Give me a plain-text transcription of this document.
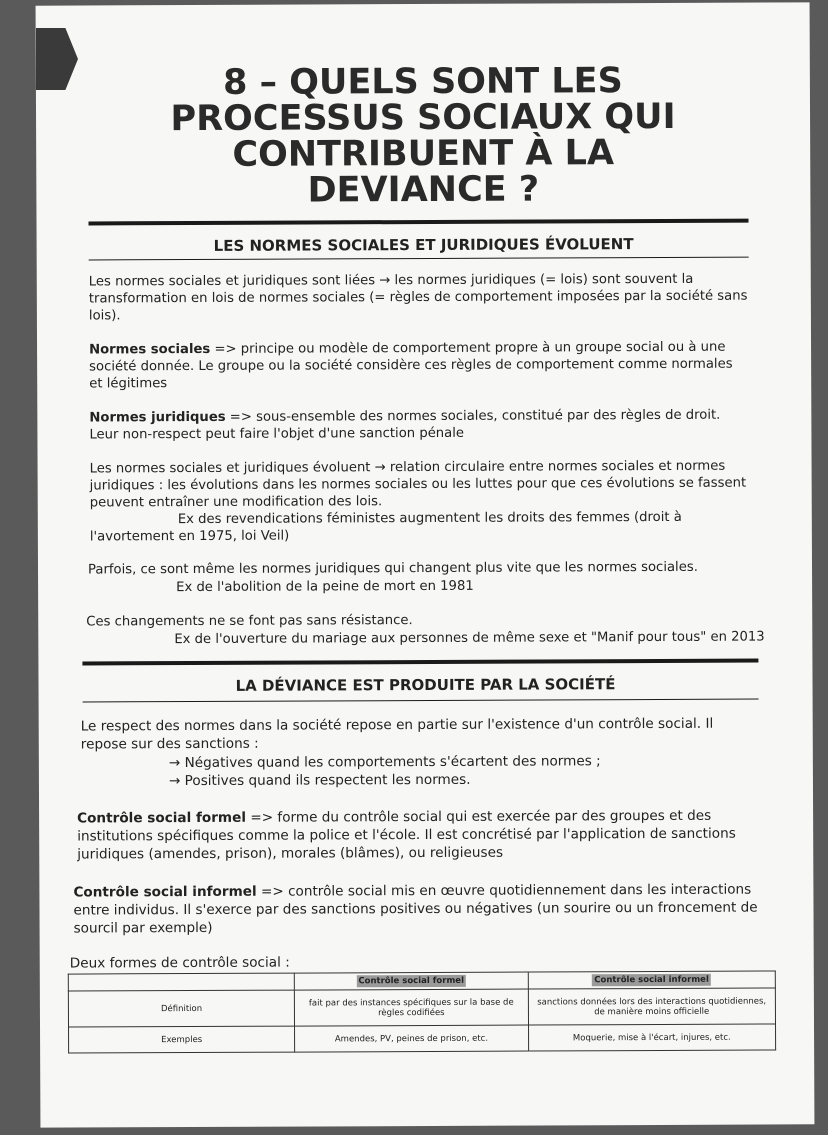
8 – QUELS SONT LES
PROCESSUS SOCIAUX QUI
CONTRIBUENT À LA
DEVIANCE ?
LES NORMES SOCIALES ET JURIDIQUES ÉVOLUENT
Les normes sociales et juridiques sont liées → les normes juridiques (= lois) sont souvent la transformation en lois de normes sociales (= règles de comportement imposées par la société sans lois).
Normes sociales => principe ou modèle de comportement propre à un groupe social ou à une société donnée. Le groupe ou la société considère ces règles de comportement comme normales et légitimes
Normes juridiques => sous-ensemble des normes sociales, constitué par des règles de droit. Leur non-respect peut faire l'objet d'une sanction pénale
Les normes sociales et juridiques évoluent → relation circulaire entre normes sociales et normes juridiques : les évolutions dans les normes sociales ou les luttes pour que ces évolutions se fassent peuvent entraîner une modification des lois.
Ex des revendications féministes augmentent les droits des femmes (droit à l'avortement en 1975, loi Veil)
Parfois, ce sont même les normes juridiques qui changent plus vite que les normes sociales.
Ex de l'abolition de la peine de mort en 1981
Ces changements ne se font pas sans résistance.
Ex de l'ouverture du mariage aux personnes de même sexe et "Manif pour tous" en 2013
LA DÉVIANCE EST PRODUITE PAR LA SOCIÉTÉ
Le respect des normes dans la société repose en partie sur l'existence d'un contrôle social. Il repose sur des sanctions :
→ Négatives quand les comportements s'écartent des normes ;
→ Positives quand ils respectent les normes.
Contrôle social formel => forme du contrôle social qui est exercée par des groupes et des institutions spécifiques comme la police et l'école. Il est concrétisé par l'application de sanctions juridiques (amendes, prison), morales (blâmes), ou religieuses
Contrôle social informel => contrôle social mis en œuvre quotidiennement dans les interactions entre individus. Il s'exerce par des sanctions positives ou négatives (un sourire ou un froncement de sourcil par exemple)
Deux formes de contrôle social :
	Contrôle social formel	Contrôle social informel
Définition	fait par des instances spécifiques sur la base de règles codifiées	sanctions données lors des interactions quotidiennes, de manière moins officielle
Exemples	Amendes, PV, peines de prison, etc.	Moquerie, mise à l'écart, injures, etc.
